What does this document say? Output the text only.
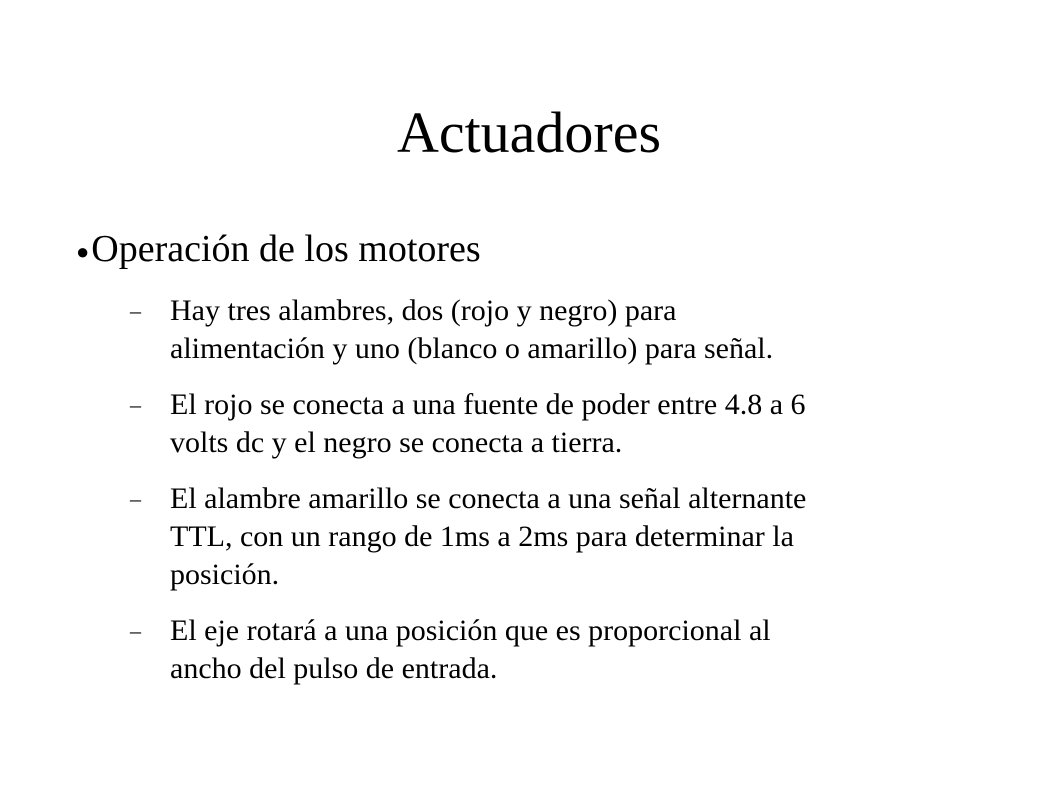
Actuadores
●Operación de los motores
– Hay tres alambres, dos (rojo y negro) para
alimentación y uno (blanco o amarillo) para señal.
– El rojo se conecta a una fuente de poder entre 4.8 a 6
volts dc y el negro se conecta a tierra.
– El alambre amarillo se conecta a una señal alternante
TTL, con un rango de 1ms a 2ms para determinar la
posición.
– El eje rotará a una posición que es proporcional al
ancho del pulso de entrada.
